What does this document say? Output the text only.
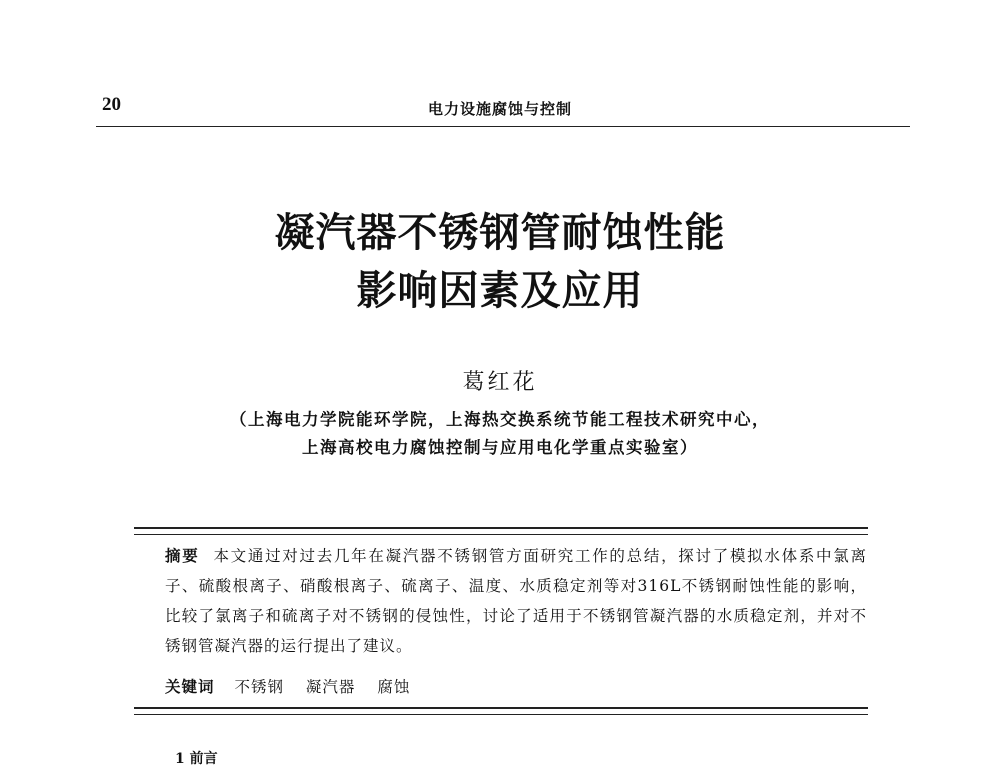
20	电力设施腐蚀与控制
凝汽器不锈钢管耐蚀性能
影响因素及应用
葛红花
（上海电力学院能环学院，上海热交换系统节能工程技术研究中心，
上海高校电力腐蚀控制与应用电化学重点实验室）
摘要 本文通过对过去几年在凝汽器不锈钢管方面研究工作的总结，探讨了模拟水体系中氯离子、硫酸根离子、硝酸根离子、硫离子、温度、水质稳定剂等对316L不锈钢耐蚀性能的影响，比较了氯离子和硫离子对不锈钢的侵蚀性，讨论了适用于不锈钢管凝汽器的水质稳定剂，并对不锈钢管凝汽器的运行提出了建议。
关键词 不锈钢 凝汽器 腐蚀
1 前言
